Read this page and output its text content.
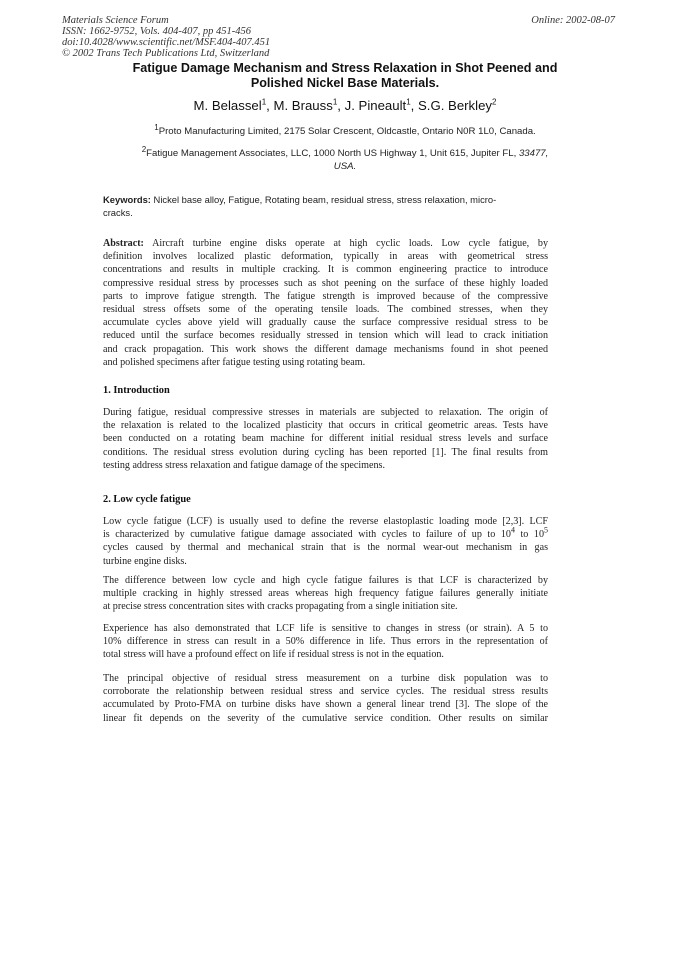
Materials Science Forum
ISSN: 1662-9752, Vols. 404-407, pp 451-456
doi:10.4028/www.scientific.net/MSF.404-407.451
© 2002 Trans Tech Publications Ltd, Switzerland
Online: 2002-08-07
Fatigue Damage Mechanism and Stress Relaxation in Shot Peened and
Polished Nickel Base Materials.
M. Belassel$^1$, M. Brauss$^1$, J. Pineault$^1$, S.G. Berkley$^2$
$^1$Proto Manufacturing Limited, 2175 Solar Crescent, Oldcastle, Ontario N0R 1L0, Canada.
$^2$Fatigue Management Associates, LLC, 1000 North US Highway 1, Unit 615, Jupiter FL, 33477,
USA.
Keywords: Nickel base alloy, Fatigue, Rotating beam, residual stress, stress relaxation, micro-
cracks.
Abstract: Aircraft turbine engine disks operate at high cyclic loads. Low cycle fatigue, by
definition involves localized plastic deformation, typically in areas with geometrical stress
concentrations and results in multiple cracking. It is common engineering practice to introduce
compressive residual stress by processes such as shot peening on the surface of these highly loaded
parts to improve fatigue strength. The fatigue strength is improved because of the compressive
residual stress offsets some of the operating tensile loads. The combined stresses, when they
accumulate cycles above yield will gradually cause the surface compressive residual stress to be
reduced until the surface becomes residually stressed in tension which will lead to crack initiation
and crack propagation. This work shows the different damage mechanisms found in shot peened
and polished specimens after fatigue testing using rotating beam.
1. Introduction
During fatigue, residual compressive stresses in materials are subjected to relaxation. The origin of
the relaxation is related to the localized plasticity that occurs in critical geometric areas. Tests have
been conducted on a rotating beam machine for different initial residual stress levels and surface
conditions. The residual stress evolution during cycling has been reported [1]. The final results from
testing address stress relaxation and fatigue damage of the specimens.
2. Low cycle fatigue
Low cycle fatigue (LCF) is usually used to define the reverse elastoplastic loading mode [2,3]. LCF
is characterized by cumulative fatigue damage associated with cycles to failure of up to $10^4$ to $10^5$
cycles caused by thermal and mechanical strain that is the normal wear-out mechanism in gas
turbine engine disks.
The difference between low cycle and high cycle fatigue failures is that LCF is characterized by
multiple cracking in highly stressed areas whereas high frequency fatigue failures generally initiate
at precise stress concentration sites with cracks propagating from a single initiation site.
Experience has also demonstrated that LCF life is sensitive to changes in stress (or strain). A 5 to
10% difference in stress can result in a 50% difference in life. Thus errors in the representation of
total stress will have a profound effect on life if residual stress is not in the equation.
The principal objective of residual stress measurement on a turbine disk population was to
corroborate the relationship between residual stress and service cycles. The residual stress results
accumulated by Proto-FMA on turbine disks have shown a general linear trend [3]. The slope of the
linear fit depends on the severity of the cumulative service condition. Other results on similar
